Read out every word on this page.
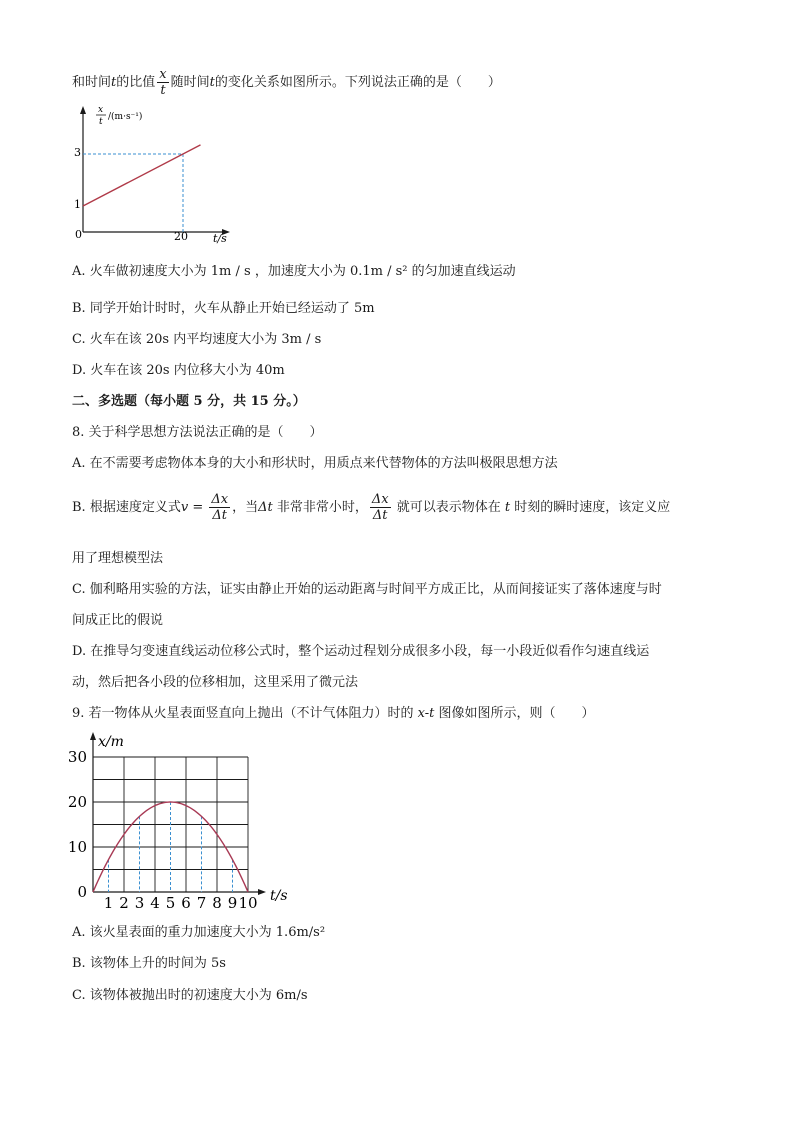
和时间t的比值 $\frac{x}{t}$ 随时间t的变化关系如图所示。下列说法正确的是（　　）
x
t /(m·s⁻¹)
t/s
0
1
3
20
A. 火车做初速度大小为 1m / s ，加速度大小为 0.1m / s² 的匀加速直线运动
B. 同学开始计时时，火车从静止开始已经运动了 5m
C. 火车在该 20s 内平均速度大小为 3m / s
D. 火车在该 20s 内位移大小为 40m
二、多选题（每小题 5 分，共 15 分。）
8. 关于科学思想方法说法正确的是（　　）
A. 在不需要考虑物体本身的大小和形状时，用质点来代替物体的方法叫极限思想方法
B. 根据速度定义式$v = \frac{\Delta x}{\Delta t}$ ，当Δt 非常非常小时， $\frac{\Delta x}{\Delta t}$ 就可以表示物体在 t 时刻的瞬时速度，该定义应
用了理想模型法
C. 伽利略用实验的方法，证实由静止开始的运动距离与时间平方成正比，从而间接证实了落体速度与时
间成正比的假说
D. 在推导匀变速直线运动位移公式时，整个运动过程划分成很多小段，每一小段近似看作匀速直线运
动，然后把各小段的位移相加，这里采用了微元法
9. 若一物体从火星表面竖直向上抛出（不计气体阻力）时的 x-t 图像如图所示，则（　　）
x/m
t/s
0
10
20
30
1 2 3 4 5 6 7 8 9 10
A. 该火星表面的重力加速度大小为 1.6m/s²
B. 该物体上升的时间为 5s
C. 该物体被抛出时的初速度大小为 6m/s
